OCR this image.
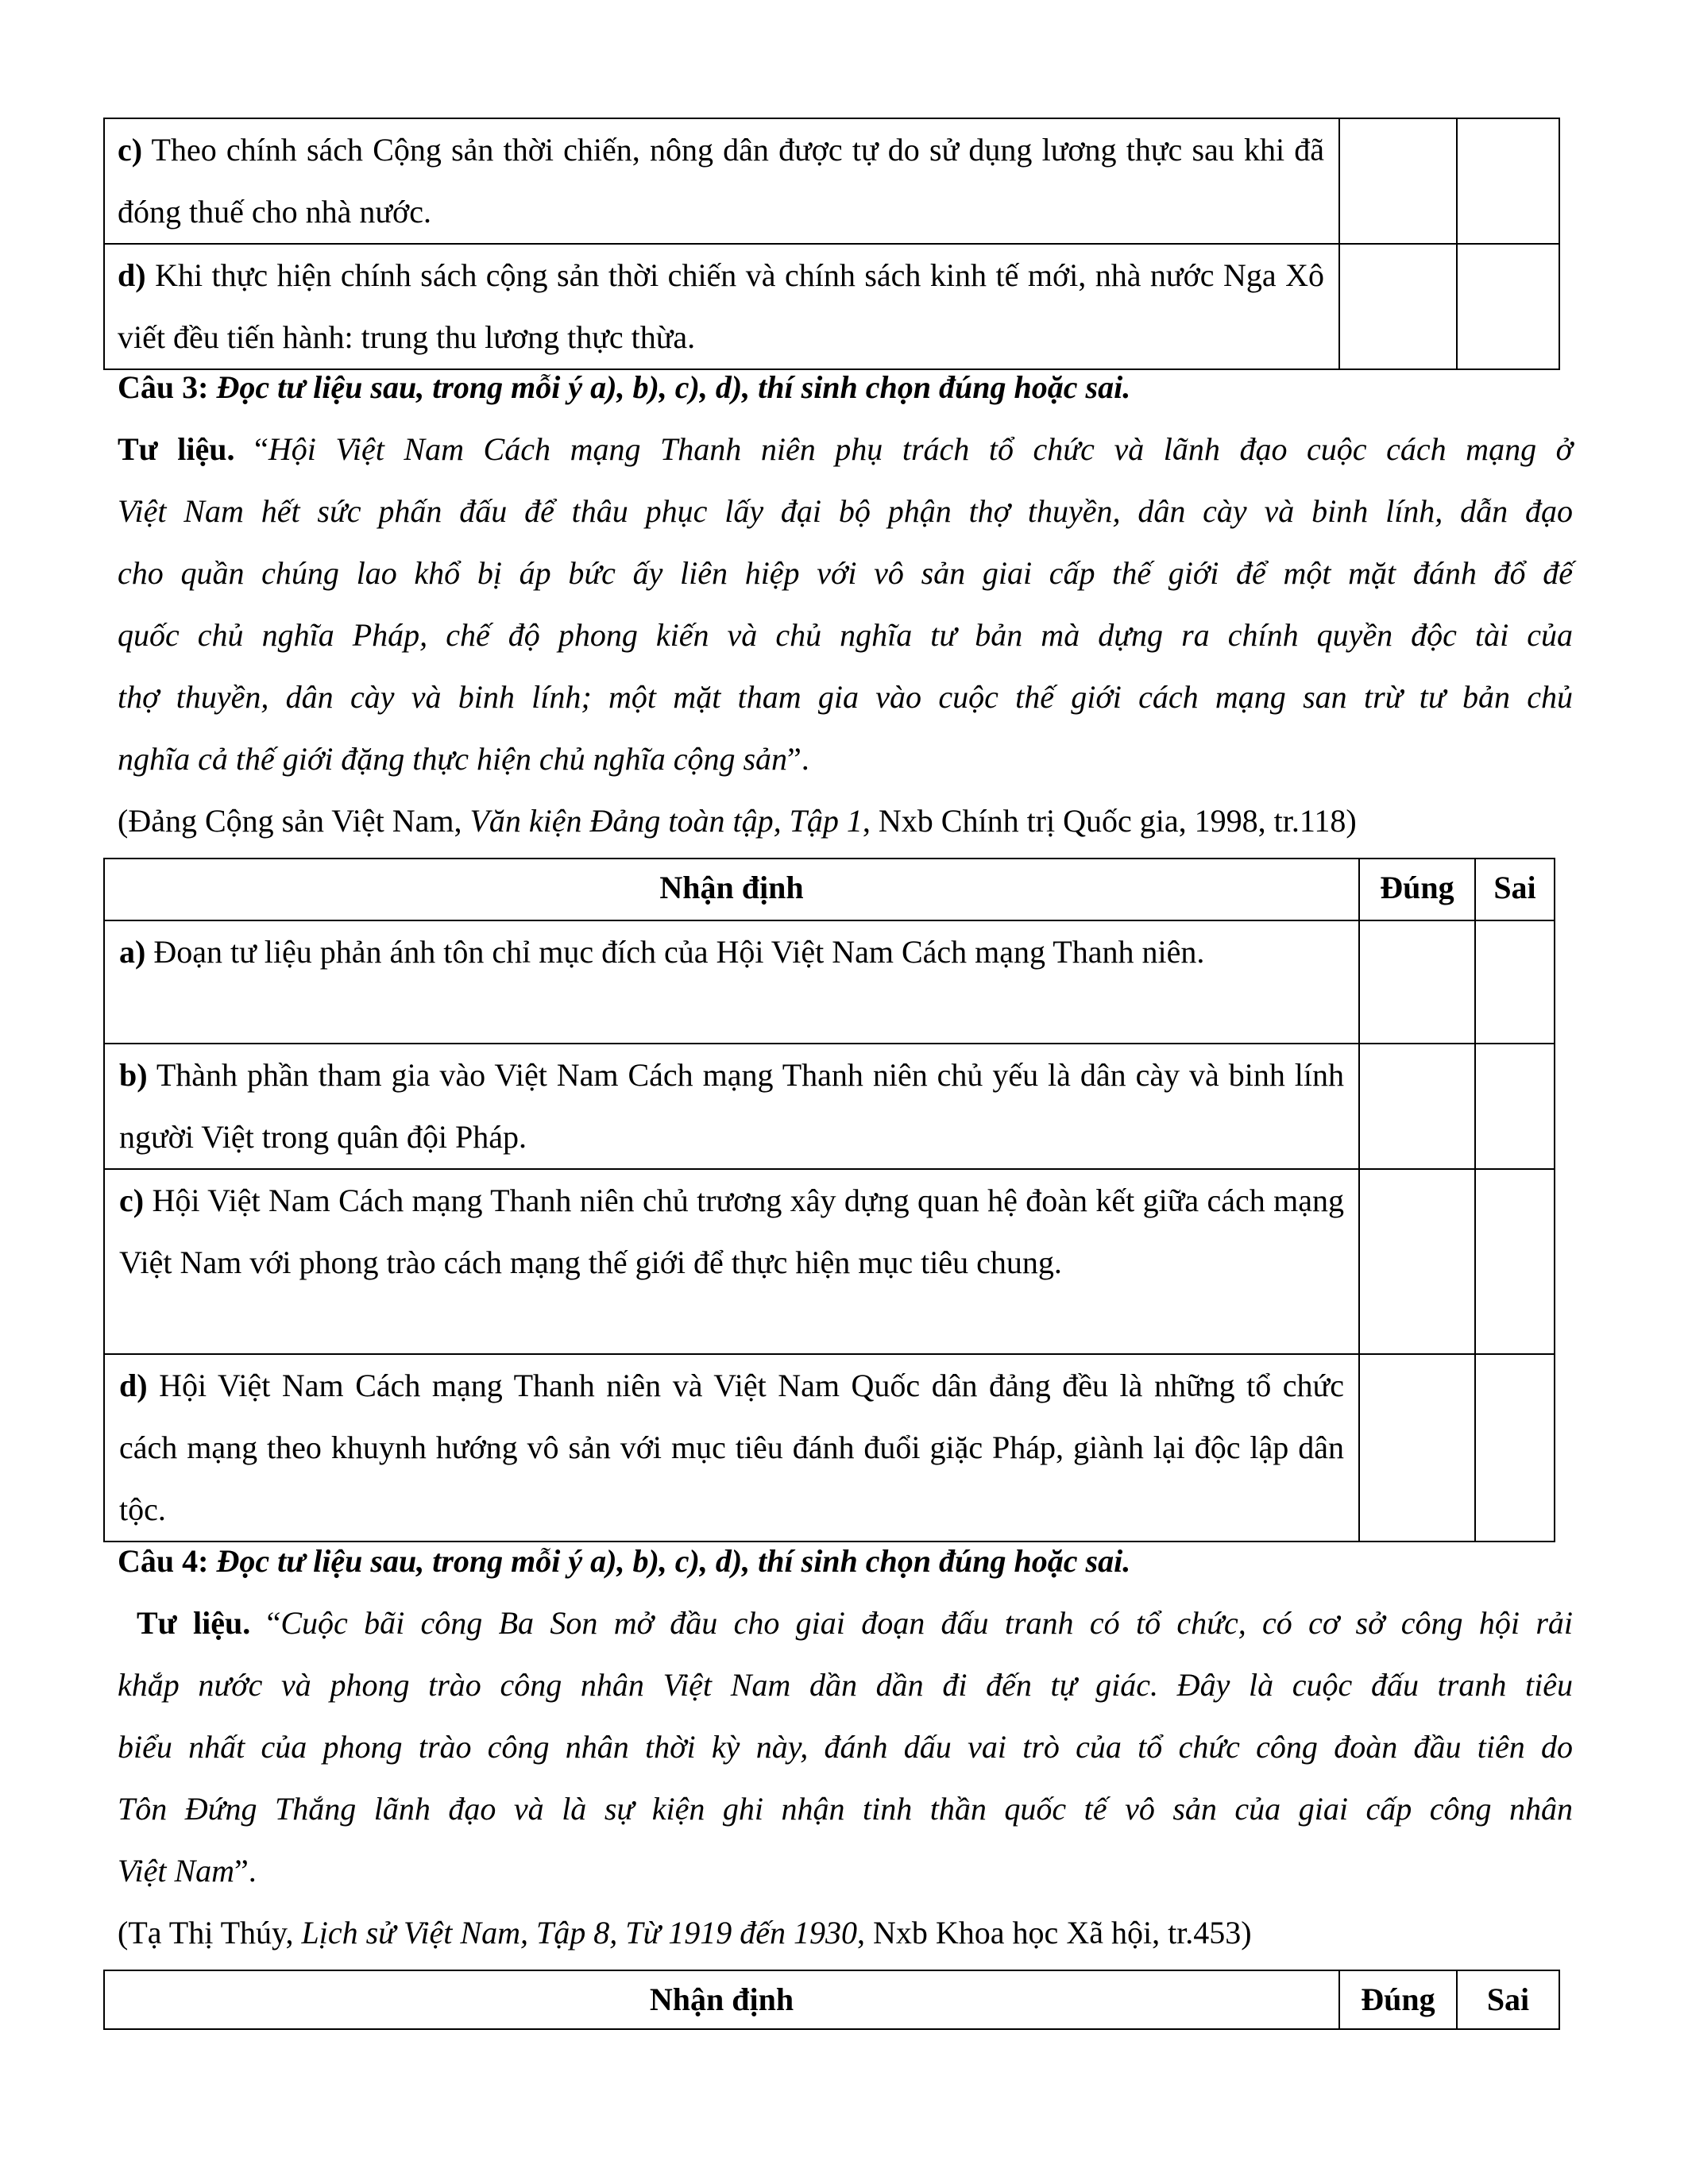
c) Theo chính sách Cộng sản thời chiến, nông dân được tự do sử dụng lương thực sau khi đã đóng thuế cho nhà nước.		

d) Khi thực hiện chính sách cộng sản thời chiến và chính sách kinh tế mới, nhà nước Nga Xô viết đều tiến hành: trung thu lương thực thừa.		

Câu 3: Đọc tư liệu sau, trong mỗi ý a), b), c), d), thí sinh chọn đúng hoặc sai.
Tư liệu. “Hội Việt Nam Cách mạng Thanh niên phụ trách tổ chức và lãnh đạo cuộc cách mạng ở
Việt Nam hết sức phấn đấu để thâu phục lấy đại bộ phận thợ thuyền, dân cày và binh lính, dẫn đạo
cho quần chúng lao khổ bị áp bức ấy liên hiệp với vô sản giai cấp thế giới để một mặt đánh đổ đế
quốc chủ nghĩa Pháp, chế độ phong kiến và chủ nghĩa tư bản mà dựng ra chính quyền độc tài của
thợ thuyền, dân cày và binh lính; một mặt tham gia vào cuộc thế giới cách mạng san trừ tư bản chủ
nghĩa cả thế giới đặng thực hiện chủ nghĩa cộng sản”.
(Đảng Cộng sản Việt Nam, Văn kiện Đảng toàn tập, Tập 1, Nxb Chính trị Quốc gia, 1998, tr.118)
Nhận định	Đúng	Sai

a) Đoạn tư liệu phản ánh tôn chỉ mục đích của Hội Việt Nam Cách mạng Thanh niên.		

b) Thành phần tham gia vào Việt Nam Cách mạng Thanh niên chủ yếu là dân cày và binh lính người Việt trong quân đội Pháp.		

c) Hội Việt Nam Cách mạng Thanh niên chủ trương xây dựng quan hệ đoàn kết giữa cách mạng Việt Nam với phong trào cách mạng thế giới để thực hiện mục tiêu chung.		

d) Hội Việt Nam Cách mạng Thanh niên và Việt Nam Quốc dân đảng đều là những tổ chức cách mạng theo khuynh hướng vô sản với mục tiêu đánh đuổi giặc Pháp, giành lại độc lập dân tộc.		

Câu 4: Đọc tư liệu sau, trong mỗi ý a), b), c), d), thí sinh chọn đúng hoặc sai.
Tư liệu. “Cuộc bãi công Ba Son mở đầu cho giai đoạn đấu tranh có tổ chức, có cơ sở công hội rải
khắp nước và phong trào công nhân Việt Nam dần dần đi đến tự giác. Đây là cuộc đấu tranh tiêu
biểu nhất của phong trào công nhân thời kỳ này, đánh dấu vai trò của tổ chức công đoàn đầu tiên do
Tôn Đứng Thắng lãnh đạo và là sự kiện ghi nhận tinh thần quốc tế vô sản của giai cấp công nhân
Việt Nam”.
(Tạ Thị Thúy, Lịch sử Việt Nam, Tập 8, Từ 1919 đến 1930, Nxb Khoa học Xã hội, tr.453)
Nhận định	Đúng	Sai
